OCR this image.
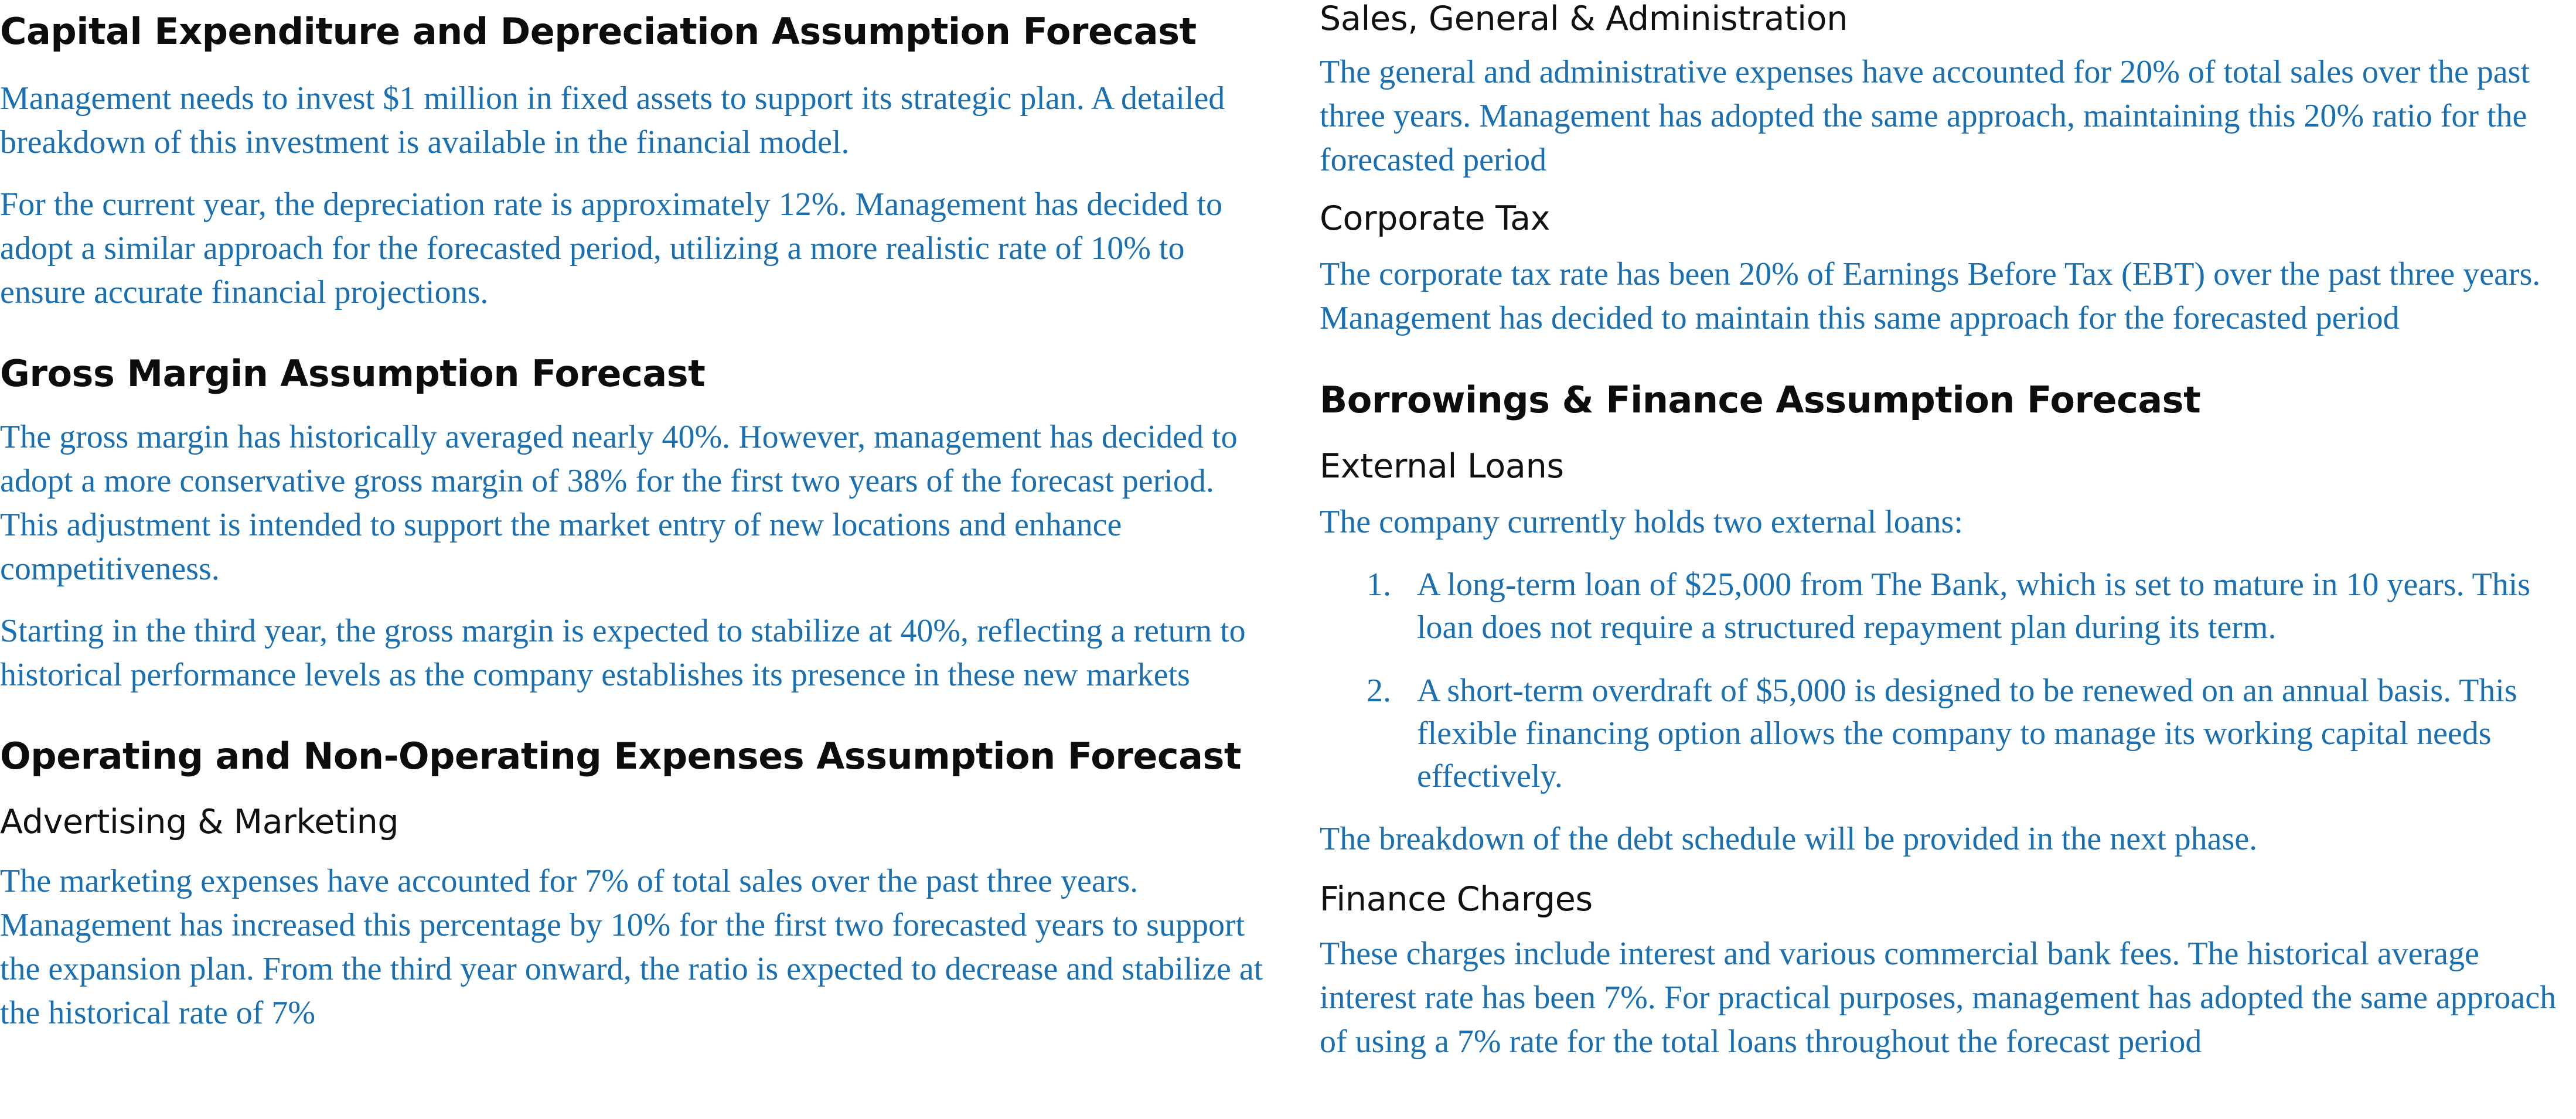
Capital Expenditure and Depreciation Assumption Forecast

Management needs to invest $1 million in fixed assets to support its strategic plan. A detailed breakdown of this investment is available in the financial model.

For the current year, the depreciation rate is approximately 12%. Management has decided to adopt a similar approach for the forecasted period, utilizing a more realistic rate of 10% to ensure accurate financial projections.

Gross Margin Assumption Forecast

The gross margin has historically averaged nearly 40%. However, management has decided to adopt a more conservative gross margin of 38% for the first two years of the forecast period. This adjustment is intended to support the market entry of new locations and enhance competitiveness.

Starting in the third year, the gross margin is expected to stabilize at 40%, reflecting a return to historical performance levels as the company establishes its presence in these new markets

Operating and Non-Operating Expenses Assumption Forecast
Advertising & Marketing

The marketing expenses have accounted for 7% of total sales over the past three years. Management has increased this percentage by 10% for the first two forecasted years to support the expansion plan. From the third year onward, the ratio is expected to decrease and stabilize at the historical rate of 7%

Sales, General & Administration

The general and administrative expenses have accounted for 20% of total sales over the past three years. Management has adopted the same approach, maintaining this 20% ratio for the forecasted period

Corporate Tax

The corporate tax rate has been 20% of Earnings Before Tax (EBT) over the past three years. Management has decided to maintain this same approach for the forecasted period

Borrowings & Finance Assumption Forecast
External Loans

The company currently holds two external loans:

1. A long-term loan of $25,000 from The Bank, which is set to mature in 10 years. This loan does not require a structured repayment plan during its term.
2. A short-term overdraft of $5,000 is designed to be renewed on an annual basis. This flexible financing option allows the company to manage its working capital needs effectively.

The breakdown of the debt schedule will be provided in the next phase.

Finance Charges

These charges include interest and various commercial bank fees. The historical average interest rate has been 7%. For practical purposes, management has adopted the same approach of using a 7% rate for the total loans throughout the forecast period
